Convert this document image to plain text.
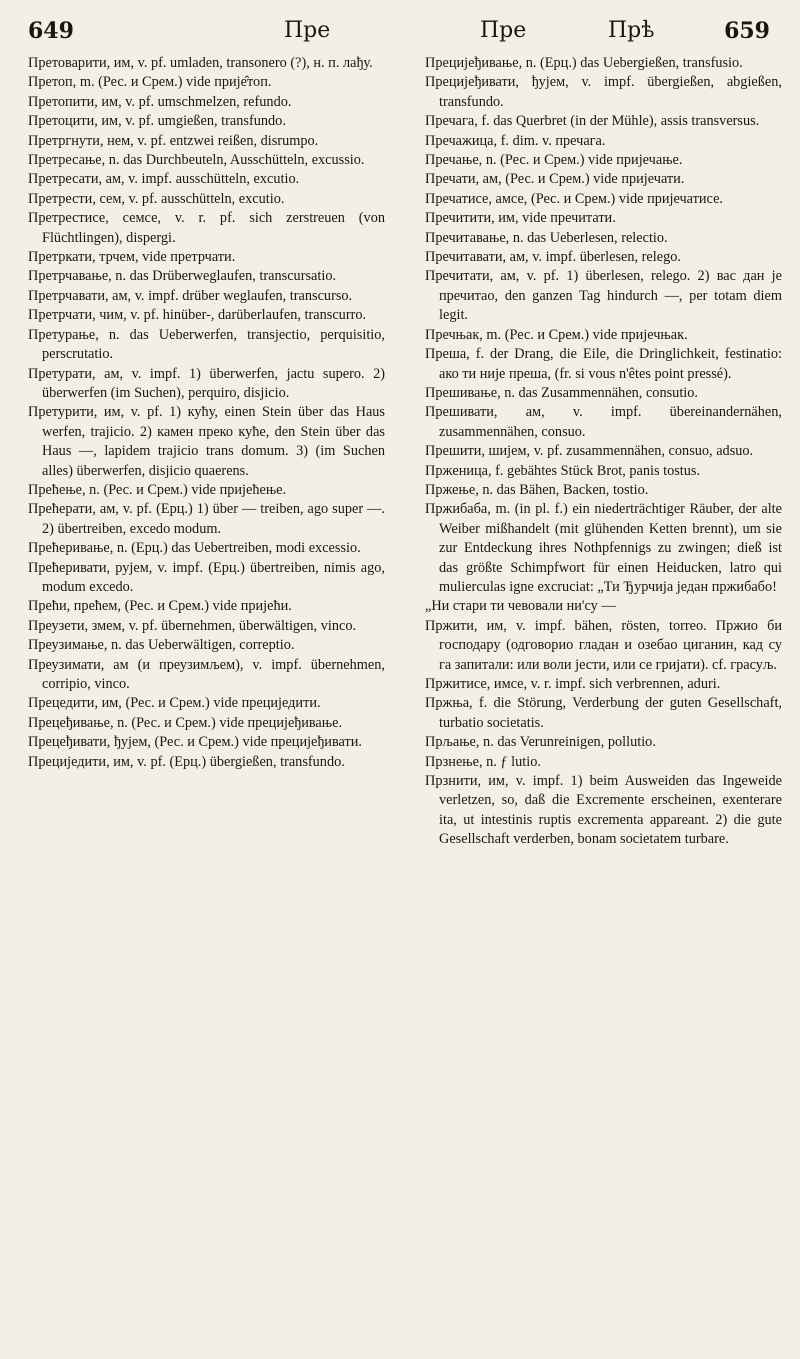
649	Пре	Пре	Прѣ	659

Претоварити, им, v. pf. umladen, transonero (?), н. п. лађу.

Претоп, m. (Рес. и Срем.) vide прије̂топ.

Претопити, им, v. pf. umschmelzen, refundo.

Претоцити, им, v. pf. umgießen, transfundo.

Претргнути, нем, v. pf. entzwei reißen, disrumpo.

Претресање, n. das Durchbeuteln, Ausschütteln, excussio.

Претресати, ам, v. impf. ausschütteln, excutio.

Претрести, сем, v. pf. ausschütteln, excutio.

Претрестисе, семсе, v. r. pf. sich zerstreuen (von Flüchtlingen), dispergi.

Претркати, трчем, vide претрчати.

Претрчавање, n. das Drüberweglaufen, transcursatio.

Претрчавати, ам, v. impf. drüber weglaufen, transcurso.

Претрчати, чим, v. pf. hinüber-, darüberlaufen, transcurro.

Претурање, n. das Ueberwerfen, transjectio, perquisitio, perscrutatio.

Претурати, ам, v. impf. 1) überwerfen, jactu supero. 2) überwerfen (im Suchen), perquiro, disjicio.

Претурити, им, v. pf. 1) куħу, einen Stein über das Haus werfen, trajicio. 2) камен преко куħе, den Stein über das Haus —, lapidem trajicio trans domum. 3) (im Suchen alles) überwerfen, disjicio quaerens.

Преħење, n. (Рес. и Срем.) vide приjеħење.

Преħерати, ам, v. pf. (Ерц.) 1) über — treiben, ago super —. 2) übertreiben, excedo modum.

Преħеривање, n. (Ерц.) das Uebertreiben, modi excessio.

Преħеривати, рујем, v. impf. (Ерц.) übertreiben, nimis ago, modum excedo.

Преħи, преħем, (Рес. и Срем.) vide приjеħи.

Преузети, змем, v. pf. übernehmen, überwältigen, vinco.

Преузимање, n. das Ueberwältigen, correptio.

Преузимати, ам (и преузимљем), v. impf. übernehmen, corripio, vinco.

Прецедити, им, (Рес. и Срем.) vide прециjедити.

Прецеђивање, n. (Рес. и Срем.) vide прециjеђивање.

Прецеђивати, ђујем, (Рес. и Срем.) vide прециjеђивати.

Прециjедити, им, v. pf. (Ерц.) übergießen, transfundo.

Прециjеђивање, n. (Ерц.) das Uebergießen, transfusio.

Прециjеђивати, ђујем, v. impf. übergießen, abgießen, transfundo.

Пречага, f. das Querbret (in der Mühle), assis transversus.

Пречажица, f. dim. v. пречага.

Пречање, n. (Рес. и Срем.) vide приjечање.

Пречати, ам, (Рес. и Срем.) vide приjечати.

Пречатисе, амсе, (Рес. и Срем.) vide приjечатисе.

Пречитити, им, vide пречитати.

Пречитавање, n. das Ueberlesen, relectio.

Пречитавати, ам, v. impf. überlesen, relego.

Пречитати, ам, v. pf. 1) überlesen, relego. 2) вас дан је пречитао, den ganzen Tag hindurch —, per totam diem legit.

Пречњак, m. (Рес. и Срем.) vide приjечњак.

Преша, f. der Drang, die Eile, die Dringlichkeit, festinatio: ако ти није преша, (fr. si vous n'êtes point pressé).

Прешивање, n. das Zusammennähen, consutio.

Прешивати, ам, v. impf. übereinandernähen, zusammennähen, consuo.

Прешити, шијем, v. pf. zusammennähen, consuo, adsuo.

Пржeница, f. gebähtes Stück Brot, panis tostus.

Пржење, n. das Bähen, Backen, tostio.

Пржибаба, m. (in pl. f.) ein niederträchtiger Räuber, der alte Weiber mißhandelt (mit glühenden Ketten brennt), um sie zur Entdeckung ihres Nothpfennigs zu zwingen; dieß ist das größte Schimpfwort für einen Heiducken, latro qui mulierculas igne excruciat: „Ти Ђурчија један пржибабо!

„Ни стари ти чевовали ни'су —

Пржити, им, v. impf. bähen, rösten, torreo. Пржио би господару (одговорио гладан и озебао циганин, кад су га запитали: или воли јести, или се гријати). cf. грасуљ.

Пржитисе, имсе, v. r. impf. sich verbrennen, aduri.

Пржња, f. die Störung, Verderbung der guten Gesellschaft, turbatio societatis.

Прљање, n. das Verunreinigen, pollutio.

Прзнење, n. ƒ lutio.

Прзнити, им, v. impf. 1) beim Ausweiden das Ingeweide verletzen, so, daß die Excremente erscheinen, exenterare ita, ut intestinis ruptis excrementa appareant. 2) die gute Gesellschaft verderben, bonam societatem turbare.
